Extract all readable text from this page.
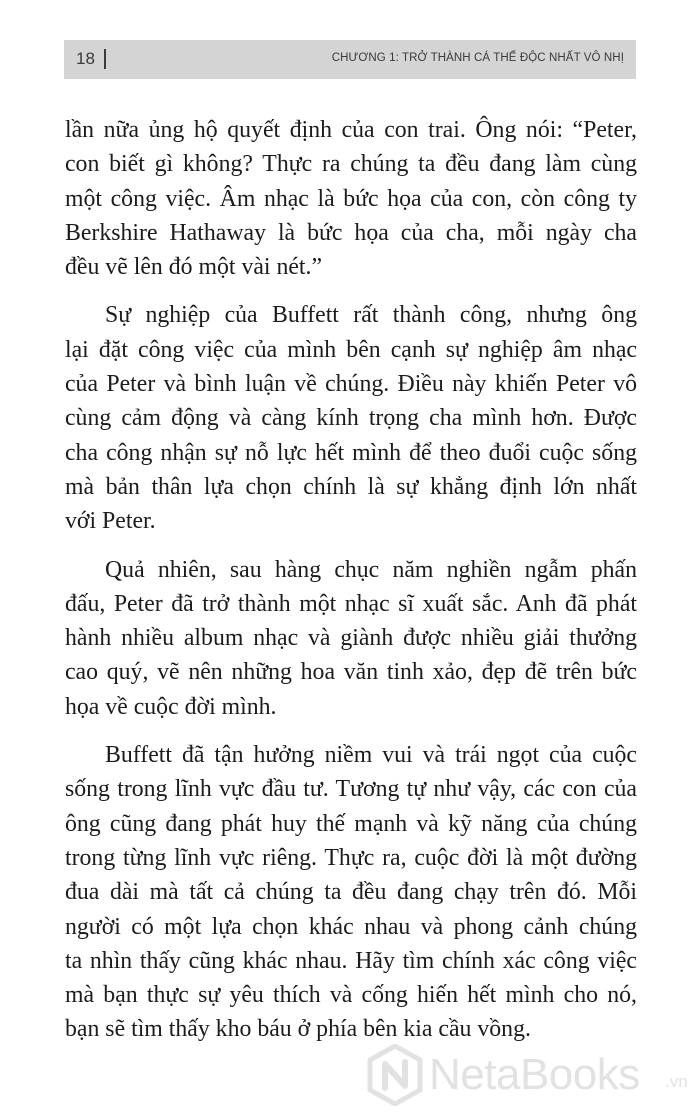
18	CHƯƠNG 1: TRỞ THÀNH CÁ THỂ ĐỘC NHẤT VÔ NHỊ
lần nữa ủng hộ quyết định của con trai. Ông nói: “Peter,
con biết gì không? Thực ra chúng ta đều đang làm cùng
một công việc. Âm nhạc là bức họa của con, còn công ty
Berkshire Hathaway là bức họa của cha, mỗi ngày cha
đều vẽ lên đó một vài nét.”
Sự nghiệp của Buffett rất thành công, nhưng ông
lại đặt công việc của mình bên cạnh sự nghiệp âm nhạc
của Peter và bình luận về chúng. Điều này khiến Peter vô
cùng cảm động và càng kính trọng cha mình hơn. Được
cha công nhận sự nỗ lực hết mình để theo đuổi cuộc sống
mà bản thân lựa chọn chính là sự khẳng định lớn nhất
với Peter.
Quả nhiên, sau hàng chục năm nghiền ngẫm phấn
đấu, Peter đã trở thành một nhạc sĩ xuất sắc. Anh đã phát
hành nhiều album nhạc và giành được nhiều giải thưởng
cao quý, vẽ nên những hoa văn tinh xảo, đẹp đẽ trên bức
họa về cuộc đời mình.
Buffett đã tận hưởng niềm vui và trái ngọt của cuộc
sống trong lĩnh vực đầu tư. Tương tự như vậy, các con của
ông cũng đang phát huy thế mạnh và kỹ năng của chúng
trong từng lĩnh vực riêng. Thực ra, cuộc đời là một đường
đua dài mà tất cả chúng ta đều đang chạy trên đó. Mỗi
người có một lựa chọn khác nhau và phong cảnh chúng
ta nhìn thấy cũng khác nhau. Hãy tìm chính xác công việc
mà bạn thực sự yêu thích và cống hiến hết mình cho nó,
bạn sẽ tìm thấy kho báu ở phía bên kia cầu vồng.
NetaBooks .vn
